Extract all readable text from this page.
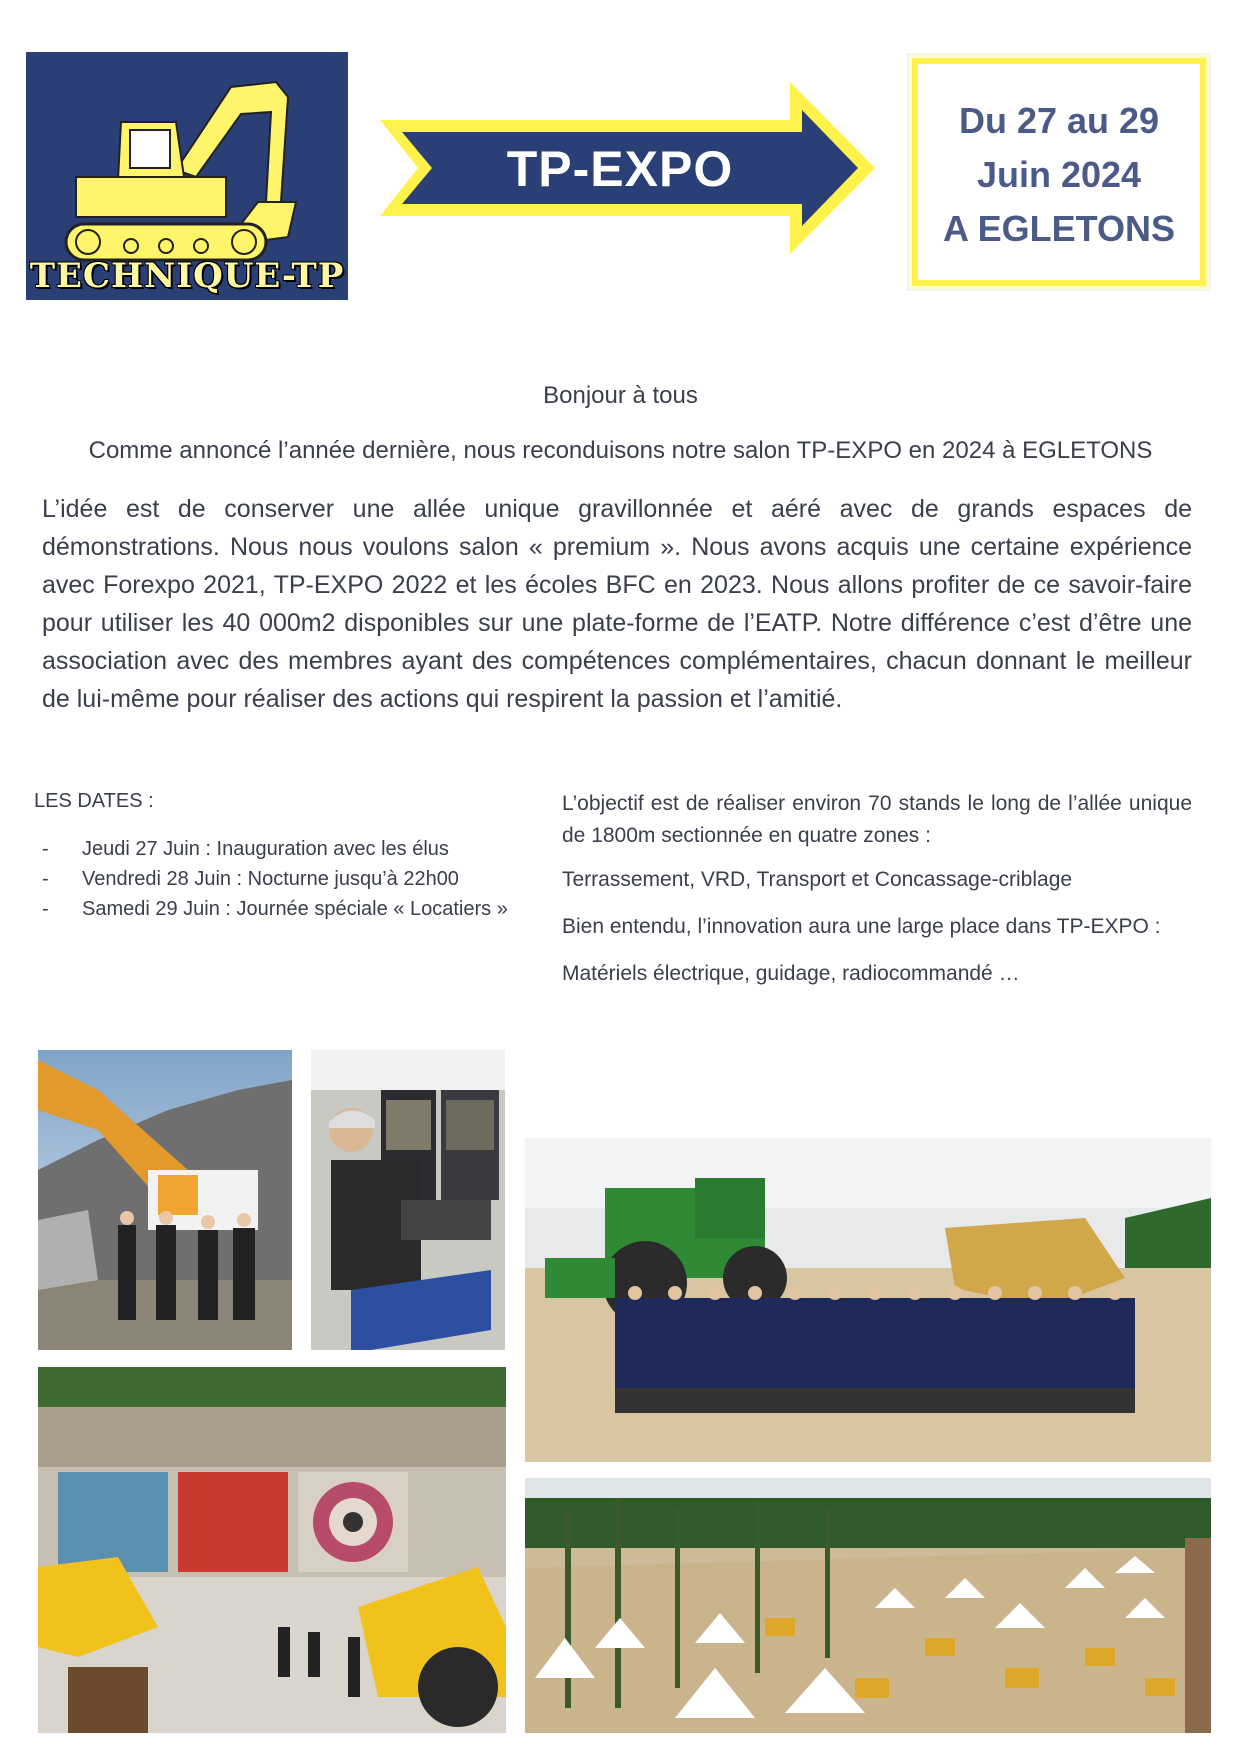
TECHNIQUE-TP
TP-EXPO
Du 27 au 29
Juin 2024
A EGLETONS
Bonjour à tous
Comme annoncé l’année dernière, nous reconduisons notre salon TP-EXPO en 2024 à EGLETONS
L’idée est de conserver une allée unique gravillonnée et aéré avec de grands espaces de démonstrations. Nous nous voulons salon « premium ». Nous avons acquis une certaine expérience avec Forexpo 2021, TP-EXPO 2022 et les écoles BFC en 2023. Nous allons profiter de ce savoir-faire pour utiliser les 40 000m2 disponibles sur une plate-forme de l’EATP. Notre différence c’est d’être une association avec des membres ayant des compétences complémentaires, chacun donnant le meilleur de lui-même pour réaliser des actions qui respirent la passion et l’amitié.
LES DATES :
- Jeudi 27 Juin : Inauguration avec les élus
- Vendredi 28 Juin : Nocturne jusqu’à 22h00
- Samedi 29 Juin : Journée spéciale « Locatiers »
L’objectif est de réaliser environ 70 stands le long de l’allée unique de 1800m sectionnée en quatre zones :
Terrassement, VRD, Transport et Concassage-criblage
Bien entendu, l’innovation aura une large place dans TP-EXPO :
Matériels électrique, guidage, radiocommandé …
